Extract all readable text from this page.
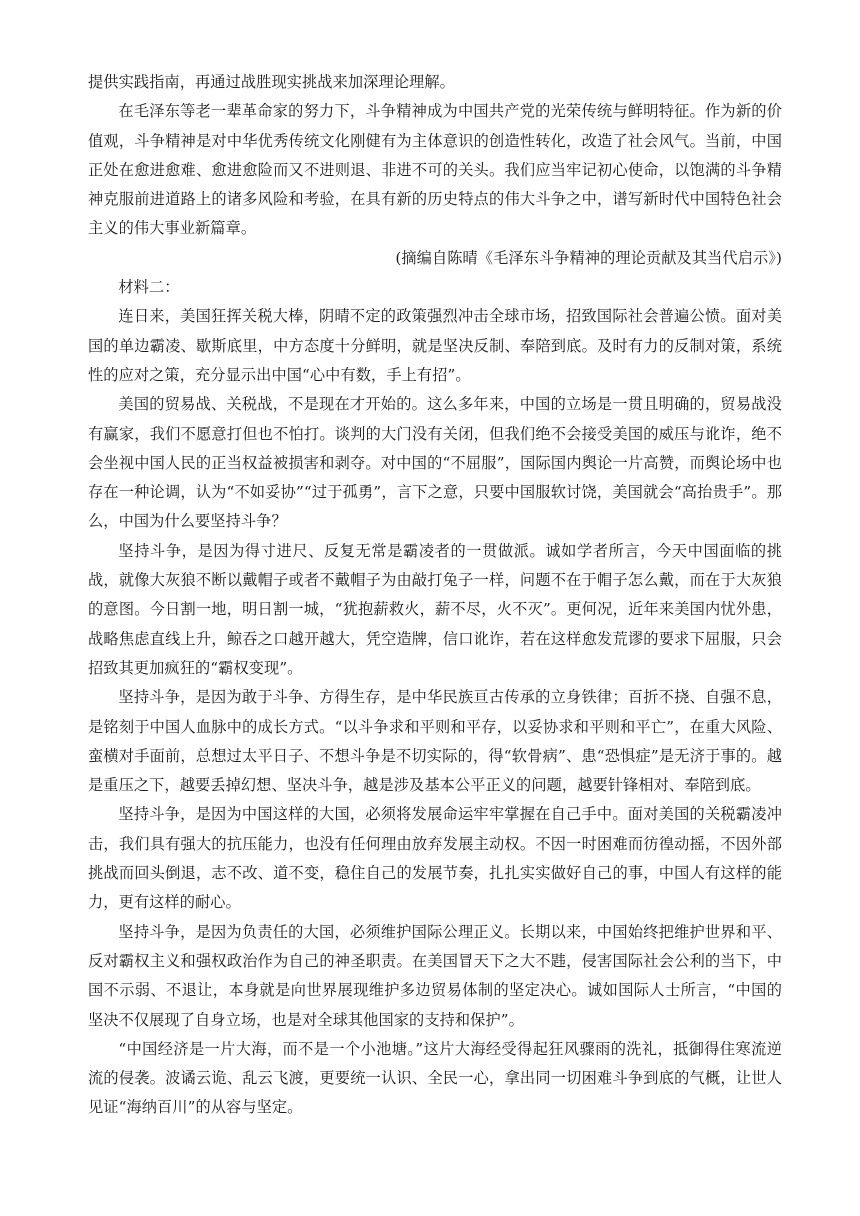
提供实践指南，再通过战胜现实挑战来加深理论理解。

在毛泽东等老一辈革命家的努力下，斗争精神成为中国共产党的光荣传统与鲜明特征。作为新的价值观，斗争精神是对中华优秀传统文化刚健有为主体意识的创造性转化，改造了社会风气。当前，中国正处在愈进愈难、愈进愈险而又不进则退、非进不可的关头。我们应当牢记初心使命，以饱满的斗争精神克服前进道路上的诸多风险和考验，在具有新的历史特点的伟大斗争之中，谱写新时代中国特色社会主义的伟大事业新篇章。

(摘编自陈晴《毛泽东斗争精神的理论贡献及其当代启示》)

材料二：

连日来，美国狂挥关税大棒，阴晴不定的政策强烈冲击全球市场，招致国际社会普遍公愤。面对美国的单边霸凌、歇斯底里，中方态度十分鲜明，就是坚决反制、奉陪到底。及时有力的反制对策，系统性的应对之策，充分显示出中国“心中有数，手上有招”。

美国的贸易战、关税战，不是现在才开始的。这么多年来，中国的立场是一贯且明确的，贸易战没有赢家，我们不愿意打但也不怕打。谈判的大门没有关闭，但我们绝不会接受美国的威压与讹诈，绝不会坐视中国人民的正当权益被损害和剥夺。对中国的“不屈服”，国际国内舆论一片高赞，而舆论场中也存在一种论调，认为“不如妥协”“过于孤勇”，言下之意，只要中国服软讨饶，美国就会“高抬贵手”。那么，中国为什么要坚持斗争？

坚持斗争，是因为得寸进尺、反复无常是霸凌者的一贯做派。诚如学者所言，今天中国面临的挑战，就像大灰狼不断以戴帽子或者不戴帽子为由敲打兔子一样，问题不在于帽子怎么戴，而在于大灰狼的意图。今日割一地，明日割一城，“犹抱薪救火，薪不尽，火不灭”。更何况，近年来美国内忧外患，战略焦虑直线上升，鲸吞之口越开越大，凭空造牌，信口讹诈，若在这样愈发荒谬的要求下屈服，只会招致其更加疯狂的“霸权变现”。

坚持斗争，是因为敢于斗争、方得生存，是中华民族亘古传承的立身铁律；百折不挠、自强不息，是铭刻于中国人血脉中的成长方式。“以斗争求和平则和平存，以妥协求和平则和平亡”，在重大风险、蛮横对手面前，总想过太平日子、不想斗争是不切实际的，得“软骨病”、患“恐惧症”是无济于事的。越是重压之下，越要丢掉幻想、坚决斗争，越是涉及基本公平正义的问题，越要针锋相对、奉陪到底。

坚持斗争，是因为中国这样的大国，必须将发展命运牢牢掌握在自己手中。面对美国的关税霸凌冲击，我们具有强大的抗压能力，也没有任何理由放弃发展主动权。不因一时困难而彷徨动摇，不因外部挑战而回头倒退，志不改、道不变，稳住自己的发展节奏，扎扎实实做好自己的事，中国人有这样的能力，更有这样的耐心。

坚持斗争，是因为负责任的大国，必须维护国际公理正义。长期以来，中国始终把维护世界和平、反对霸权主义和强权政治作为自己的神圣职责。在美国冒天下之大不韪，侵害国际社会公利的当下，中国不示弱、不退让，本身就是向世界展现维护多边贸易体制的坚定决心。诚如国际人士所言，“中国的坚决不仅展现了自身立场，也是对全球其他国家的支持和保护”。

“中国经济是一片大海，而不是一个小池塘。”这片大海经受得起狂风骤雨的洗礼，抵御得住寒流逆流的侵袭。波谲云诡、乱云飞渡，更要统一认识、全民一心，拿出同一切困难斗争到底的气概，让世人见证“海纳百川”的从容与坚定。
